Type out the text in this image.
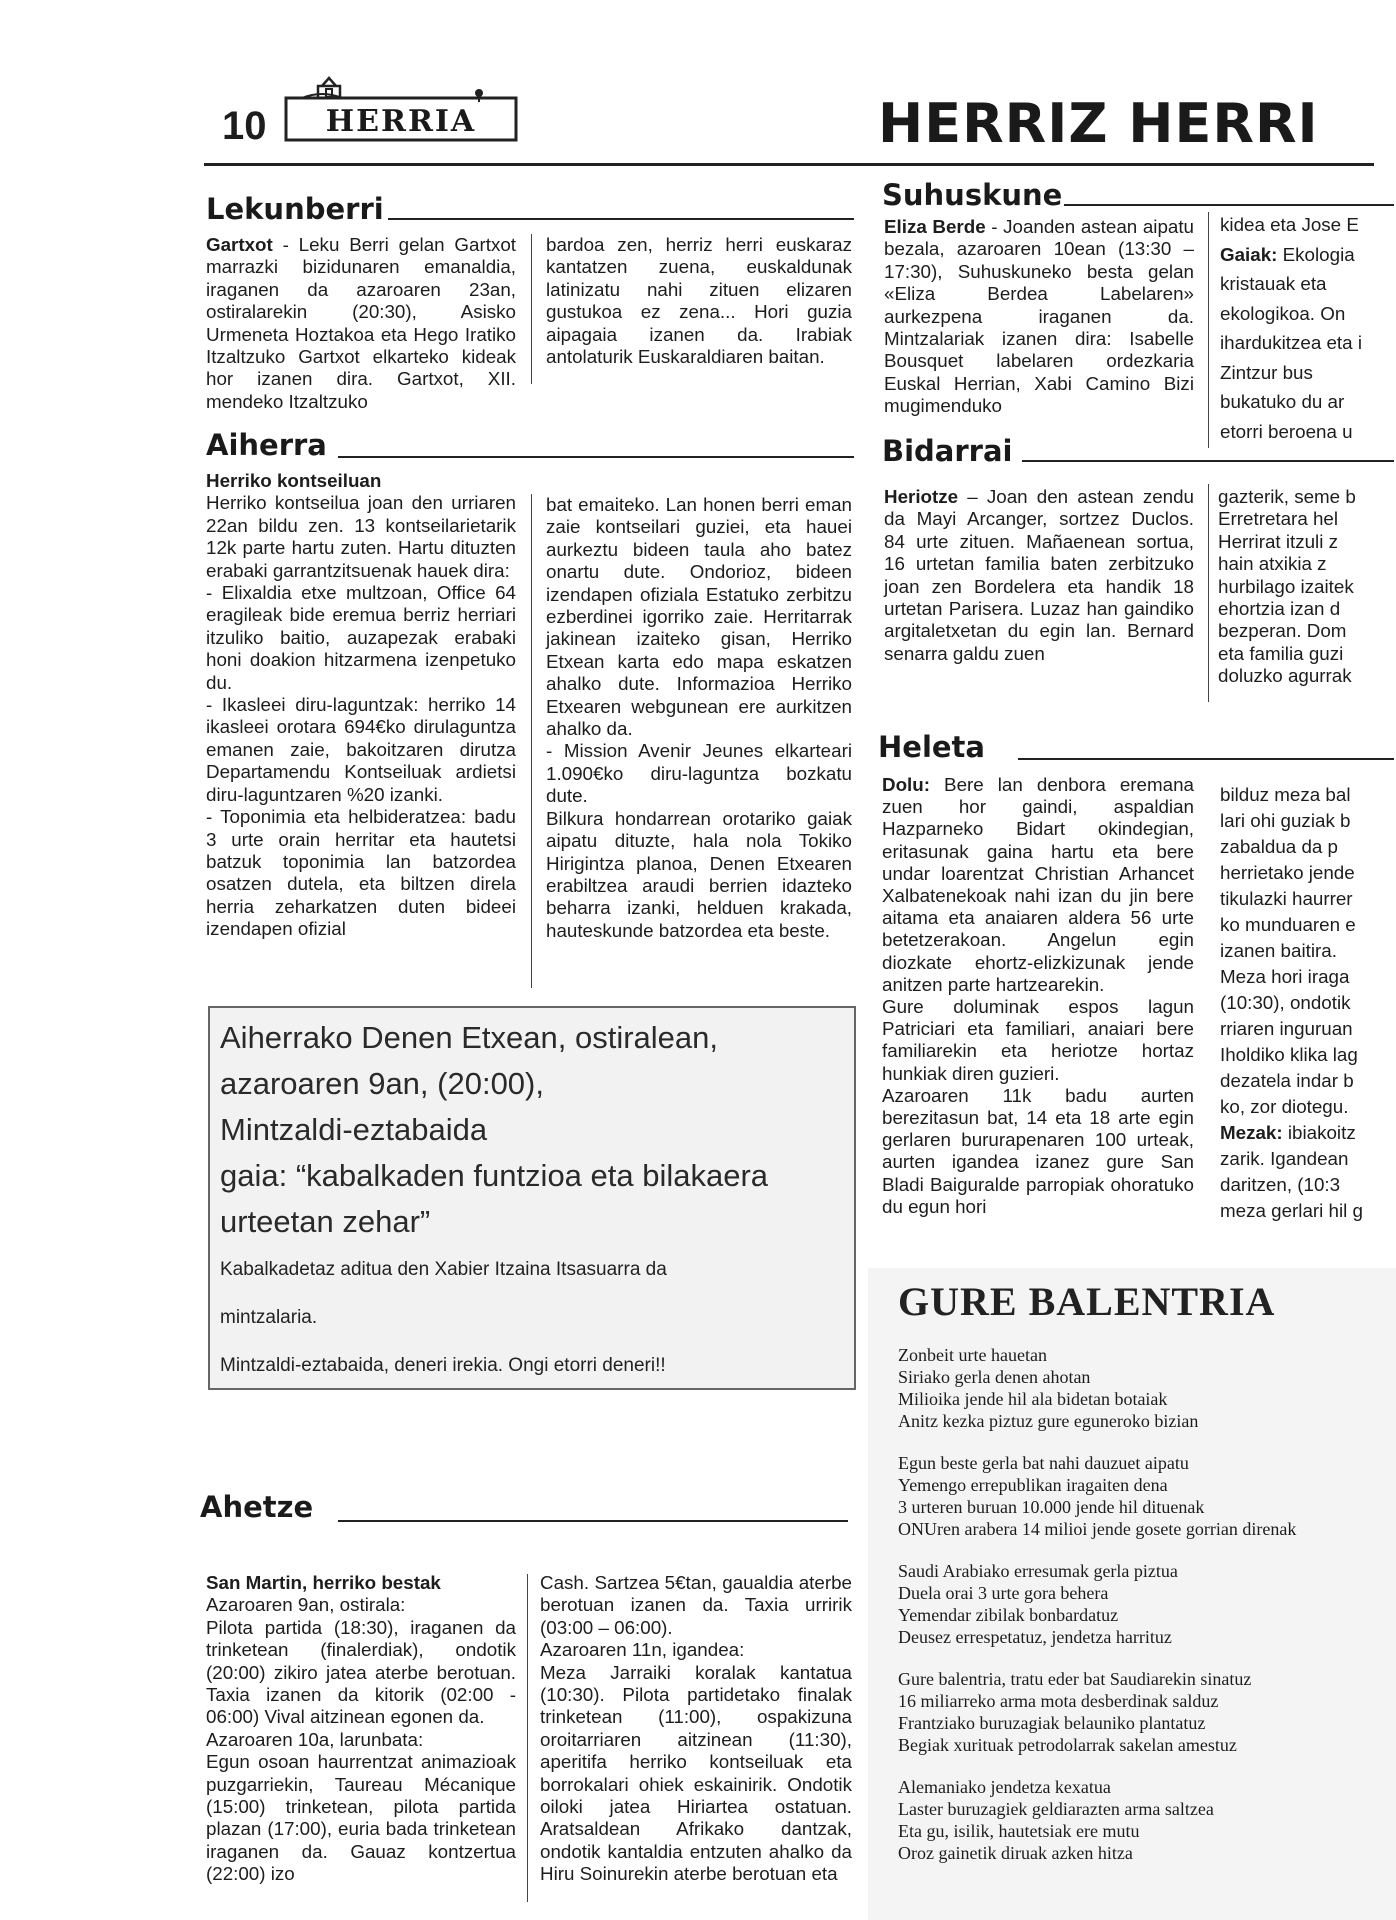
10	HERRIA	HERRIZ HERRI
Lekunberri
Gartxot - Leku Berri gelan Gartxot marrazki bizidunaren emanaldia, iraganen da azaroaren 23an, ostiralarekin (20:30), Asisko Urmeneta Hoztakoa eta Hego Iratiko Itzaltzuko Gartxot elkarteko kideak hor izanen dira. Gartxot, XII. mendeko Itzaltzuko
bardoa zen, herriz herri euskaraz kantatzen zuena, euskaldunak latinizatu nahi zituen elizaren gustukoa ez zena... Hori guzia aipagaia izanen da. Irabiak antolaturik Euskaraldiaren baitan.
Aiherra
Herriko kontseiluan
Herriko kontseilua joan den urriaren 22an bildu zen. 13 kontseilarietarik 12k parte hartu zuten. Hartu dituzten erabaki garrantzitsuenak hauek dira:
- Elixaldia etxe multzoan, Office 64 eragileak bide eremua berriz herriari itzuliko baitio, auzapezak erabaki honi doakion hitzarmena izenpetuko du.
- Ikasleei diru-laguntzak: herriko 14 ikasleei orotara 694€ko dirulaguntza emanen zaie, bakoitzaren dirutza Departamendu Kontseiluak ardietsi diru-laguntzaren %20 izanki.
- Toponimia eta helbideratzea: badu 3 urte orain herritar eta hautetsi batzuk toponimia lan batzordea osatzen dutela, eta biltzen direla herria zeharkatzen duten bideei izendapen ofizial
bat emaiteko. Lan honen berri eman zaie kontseilari guziei, eta hauei aurkeztu bideen taula aho batez onartu dute. Ondorioz, bideen izendapen ofiziala Estatuko zerbitzu ezberdinei igorriko zaie. Herritarrak jakinean izaiteko gisan, Herriko Etxean karta edo mapa eskatzen ahalko dute. Informazioa Herriko Etxearen webgunean ere aurkitzen ahalko da.
- Mission Avenir Jeunes elkarteari 1.090€ko diru-laguntza bozkatu dute.
Bilkura hondarrean orotariko gaiak aipatu dituzte, hala nola Tokiko Hirigintza planoa, Denen Etxearen erabiltzea araudi berrien idazteko beharra izanki, helduen krakada, hauteskunde batzordea eta beste.
Aiherrako Denen Etxean, ostiralean,
azaroaren 9an, (20:00),
Mintzaldi-eztabaida
gaia: “kabalkaden funtzioa eta bilakaera
urteetan zehar”
Kabalkadetaz aditua den Xabier Itzaina Itsasuarra da
mintzalaria.
Mintzaldi-eztabaida, deneri irekia. Ongi etorri deneri!!
Ahetze
San Martin, herriko bestak
Azaroaren 9an, ostirala:
Pilota partida (18:30), iraganen da trinketean (finalerdiak), ondotik (20:00) zikiro jatea aterbe berotuan. Taxia izanen da kitorik (02:00 - 06:00) Vival aitzinean egonen da.
Azaroaren 10a, larunbata:
Egun osoan haurrentzat animazioak puzgarriekin, Taureau Mécanique (15:00) trinketean, pilota partida plazan (17:00), euria bada trinketean iraganen da. Gauaz kontzertua (22:00) izo
Cash. Sartzea 5€tan, gaualdia aterbe berotuan izanen da. Taxia urririk (03:00 – 06:00).
Azaroaren 11n, igandea:
Meza Jarraiki koralak kantatua (10:30). Pilota partidetako finalak trinketean (11:00), ospakizuna oroitarriaren aitzinean (11:30), aperitifa herriko kontseiluak eta borrokalari ohiek eskainirik. Ondotik oiloki jatea Hiriartea ostatuan. Aratsaldean Afrikako dantzak, ondotik kantaldia entzuten ahalko da Hiru Soinurekin aterbe berotuan eta
Suhuskune
Eliza Berde - Joanden astean aipatu bezala, azaroaren 10ean (13:30 – 17:30), Suhuskuneko besta gelan «Eliza Berdea Labelaren» aurkezpena iraganen da. Mintzalariak izanen dira: Isabelle Bousquet labelaren ordezkaria Euskal Herrian, Xabi Camino Bizi mugimenduko
kidea eta Jose E
Gaiak: Ekologia
kristauak eta
ekologikoa. On
ihardukitzea eta i
Zintzur bus
bukatuko du ar
etorri beroena u
Bidarrai
Heriotze – Joan den astean zendu da Mayi Arcanger, sortzez Duclos. 84 urte zituen. Mañaenean sortua, 16 urtetan familia baten zerbitzuko joan zen Bordelera eta handik 18 urtetan Parisera. Luzaz han gaindiko argitaletxetan du egin lan. Bernard senarra galdu zuen
gazterik, seme b
Erretretara hel
Herrirat itzuli z
hain atxikia z
hurbilago izaitek
ehortzia izan d
bezperan. Dom
eta familia guzi
doluzko agurrak
Heleta
Dolu: Bere lan denbora eremana zuen hor gaindi, aspaldian Hazparneko Bidart okindegian, eritasunak gaina hartu eta bere undar loarentzat Christian Arhancet Xalbatenekoak nahi izan du jin bere aitama eta anaiaren aldera 56 urte betetzerakoan. Angelun egin diozkate ehortz-elizkizunak jende anitzen parte hartzearekin.
Gure doluminak espos lagun Patriciari eta familiari, anaiari bere familiarekin eta heriotze hortaz hunkiak diren guzieri.
Azaroaren 11k badu aurten berezitasun bat, 14 eta 18 arte egin gerlaren bururapenaren 100 urteak, aurten igandea izanez gure San Bladi Baiguralde parropiak ohoratuko du egun hori
bilduz meza bal
lari ohi guziak b
zabaldua da p
herrietako jende
tikulazki haurrer
ko munduaren e
izanen baitira.
Meza hori iraga
(10:30), ondotik
rriaren inguruan
Iholdiko klika lag
dezatela indar b
ko, zor diotegu.
Mezak: ibiakoitz
zarik. Igandean
daritzen, (10:3
meza gerlari hil g
GURE BALENTRIA
Zonbeit urte hauetan
Siriako gerla denen ahotan
Milioika jende hil ala bidetan botaiak
Anitz kezka piztuz gure eguneroko bizian
Egun beste gerla bat nahi dauzuet aipatu
Yemengo errepublikan iragaiten dena
3 urteren buruan 10.000 jende hil dituenak
ONUren arabera 14 milioi jende gosete gorrian direnak
Saudi Arabiako erresumak gerla piztua
Duela orai 3 urte gora behera
Yemendar zibilak bonbardatuz
Deusez errespetatuz, jendetza harrituz
Gure balentria, tratu eder bat Saudiarekin sinatuz
16 miliarreko arma mota desberdinak salduz
Frantziako buruzagiak belauniko plantatuz
Begiak xurituak petrodolarrak sakelan amestuz
Alemaniako jendetza kexatua
Laster buruzagiek geldiarazten arma saltzea
Eta gu, isilik, hautetsiak ere mutu
Oroz gainetik diruak azken hitza
